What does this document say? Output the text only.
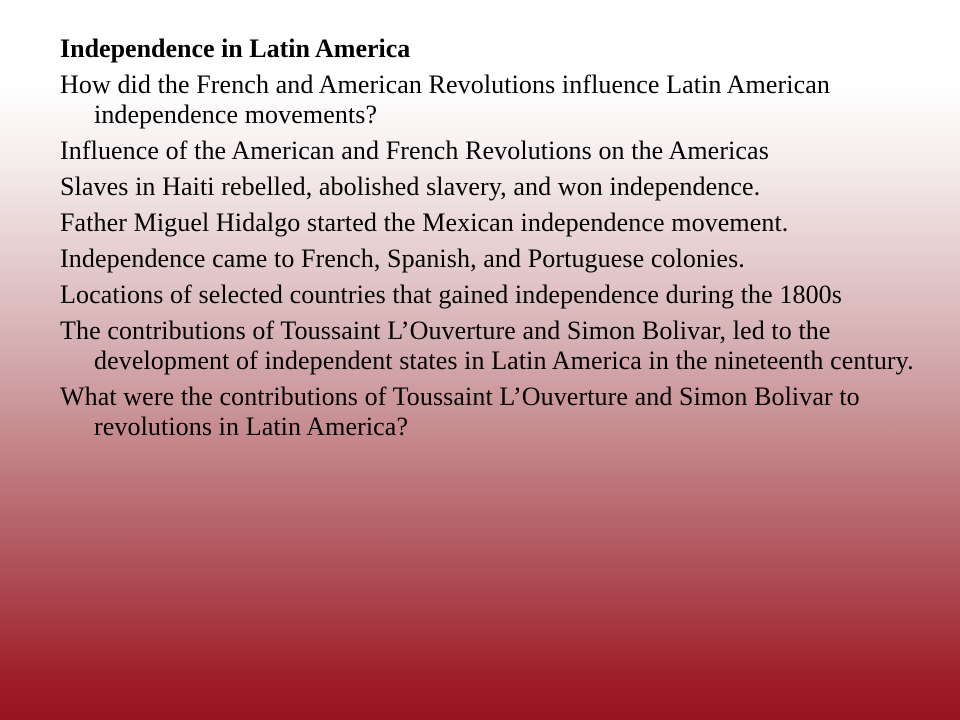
Independence in Latin America
How did the French and American Revolutions influence Latin American independence movements?
Influence of the American and French Revolutions on the Americas
Slaves in Haiti rebelled, abolished slavery, and won independence.
Father Miguel Hidalgo started the Mexican independence movement.
Independence came to French, Spanish, and Portuguese colonies.
Locations of selected countries that gained independence during the 1800s
The contributions of Toussaint L’Ouverture and Simon Bolivar, led to the development of independent states in Latin America in the nineteenth century.
What were the contributions of Toussaint L’Ouverture and Simon Bolivar to revolutions in Latin America?
